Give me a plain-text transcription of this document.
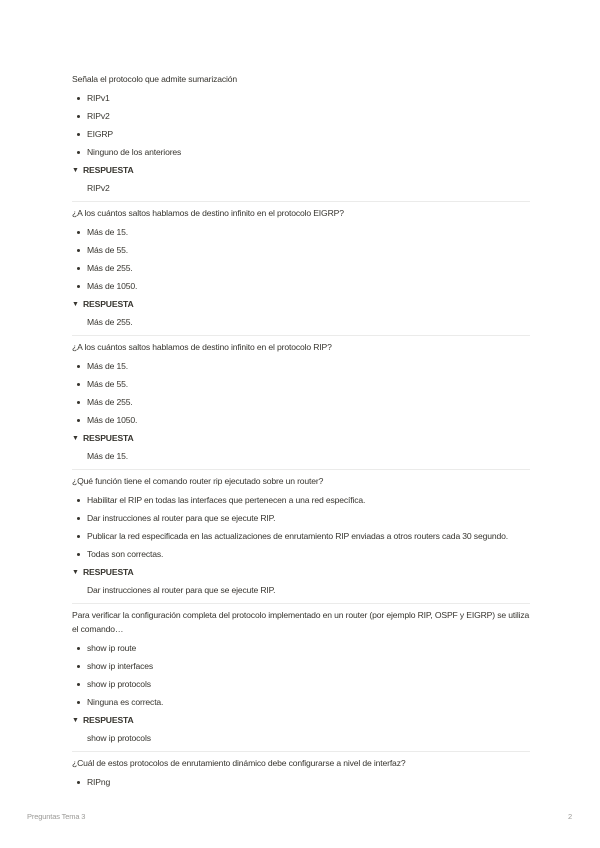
Señala el protocolo que admite sumarización
RIPv1
RIPv2
EIGRP
Ninguno de los anteriores
▼ RESPUESTA
RIPv2
¿A los cuántos saltos hablamos de destino infinito en el protocolo EIGRP?
Más de 15.
Más de 55.
Más de 255.
Más de 1050.
▼ RESPUESTA
Más de 255.
¿A los cuántos saltos hablamos de destino infinito en el protocolo RIP?
Más de 15.
Más de 55.
Más de 255.
Más de 1050.
▼ RESPUESTA
Más de 15.
¿Qué función tiene el comando router rip ejecutado sobre un router?
Habilitar el RIP en todas las interfaces que pertenecen a una red específica.
Dar instrucciones al router para que se ejecute RIP.
Publicar la red especificada en las actualizaciones de enrutamiento RIP enviadas a otros routers cada 30 segundo.
Todas son correctas.
▼ RESPUESTA
Dar instrucciones al router para que se ejecute RIP.
Para verificar la configuración completa del protocolo implementado en un router (por ejemplo RIP, OSPF y EIGRP) se utiliza el comando…
show ip route
show ip interfaces
show ip protocols
Ninguna es correcta.
▼ RESPUESTA
show ip protocols
¿Cuál de estos protocolos de enrutamiento dinámico debe configurarse a nivel de interfaz?
RIPng
Preguntas Tema 3	2
